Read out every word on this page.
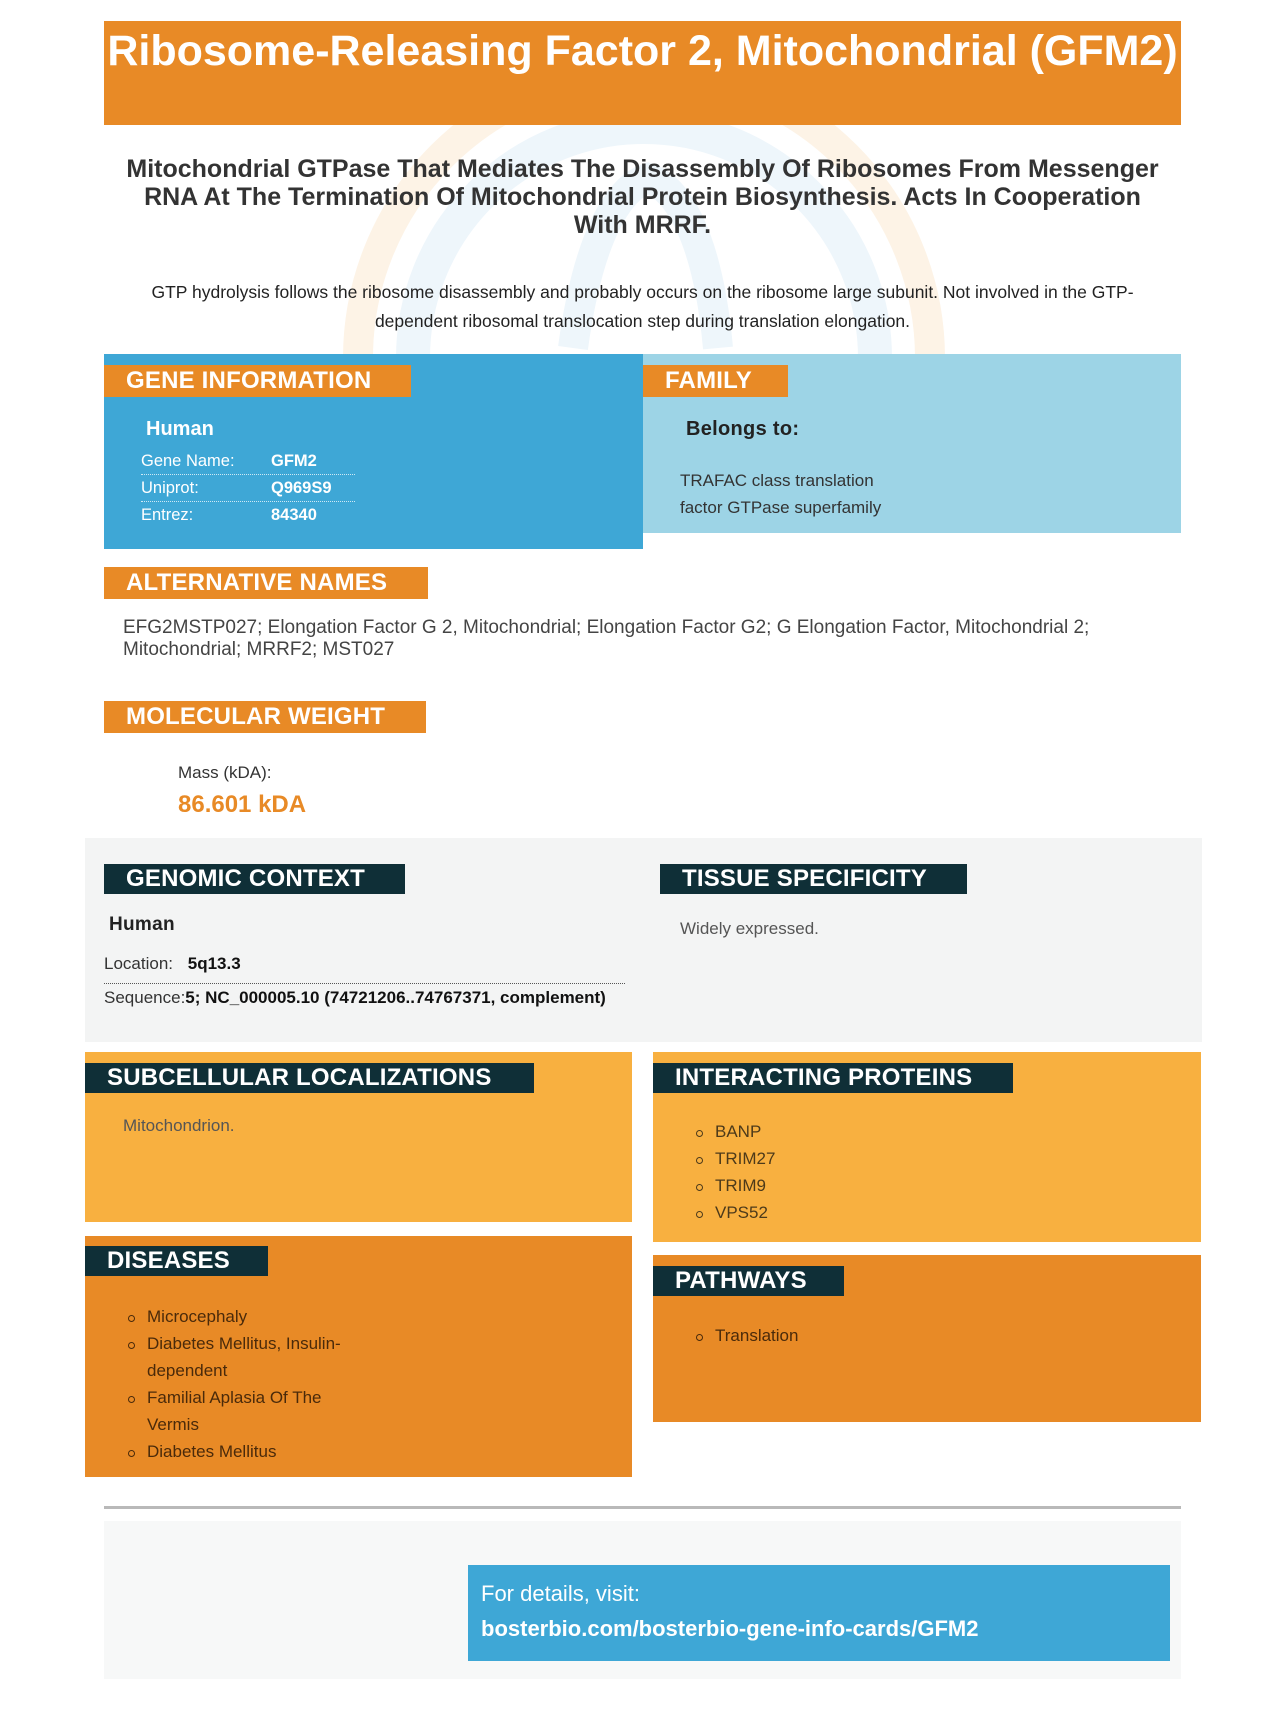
Ribosome-Releasing Factor 2, Mitochondrial (GFM2)
Mitochondrial GTPase That Mediates The Disassembly Of Ribosomes From Messenger RNA At The Termination Of Mitochondrial Protein Biosynthesis. Acts In Cooperation With MRRF.
GTP hydrolysis follows the ribosome disassembly and probably occurs on the ribosome large subunit. Not involved in the GTP-dependent ribosomal translocation step during translation elongation.
GENE INFORMATION	FAMILY
Human
Gene Name:	GFM2
Uniprot:	Q969S9
Entrez:	84340
Belongs to:
TRAFAC class translation factor GTPase superfamily
ALTERNATIVE NAMES
EFG2MSTP027; Elongation Factor G 2, Mitochondrial; Elongation Factor G2; G Elongation Factor, Mitochondrial 2; Mitochondrial; MRRF2; MST027
MOLECULAR WEIGHT
Mass (kDA):
86.601 kDA
GENOMIC CONTEXT	TISSUE SPECIFICITY
Human
Location: 5q13.3
Sequence:5; NC_000005.10 (74721206..74767371, complement)
Widely expressed.
SUBCELLULAR LOCALIZATIONS
Mitochondrion.
INTERACTING PROTEINS
BANP
TRIM27
TRIM9
VPS52
DISEASES
Microcephaly
Diabetes Mellitus, Insulin-dependent
Familial Aplasia Of The Vermis
Diabetes Mellitus
PATHWAYS
Translation
For details, visit:
bosterbio.com/bosterbio-gene-info-cards/GFM2
